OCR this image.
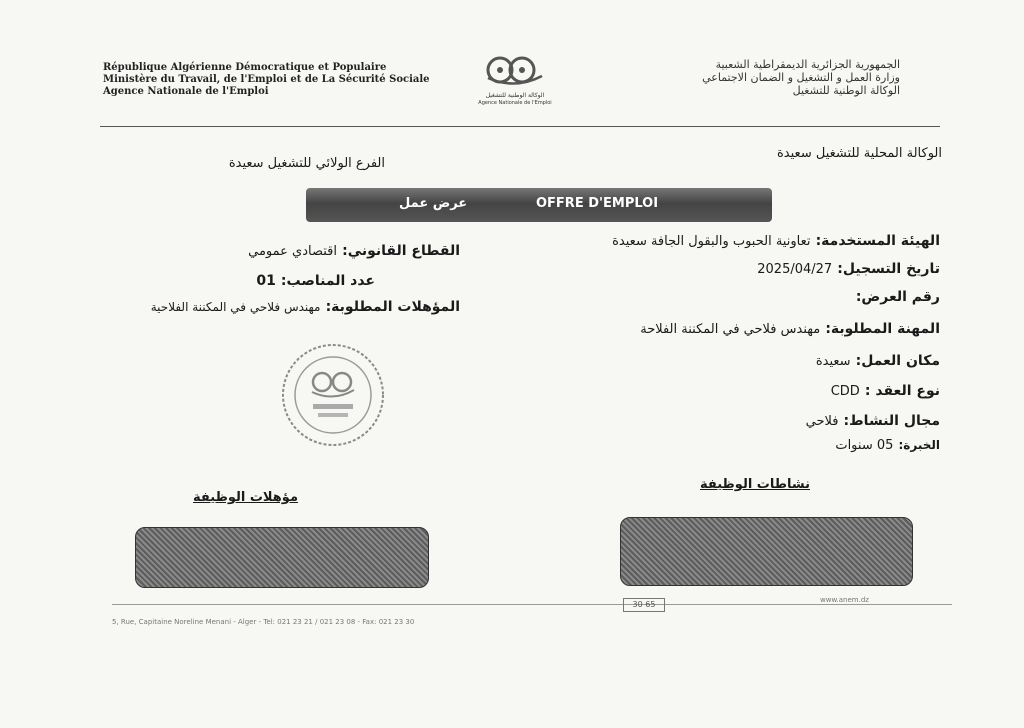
République Algérienne Démocratique et Populaire
Ministère du Travail, de l'Emploi et de La Sécurité Sociale
Agence Nationale de l'Emploi	الوكالة الوطنية للتشغيل
Agence Nationale de l'Emploi
الجمهورية الجزائرية الديمقراطية الشعبية
وزارة العمل و التشغيل و الضمان الاجتماعي
الوكالة الوطنية للتشغيل
الوكالة المحلية للتشغيل سعيدة
الفرع الولائي للتشغيل سعيدة
OFFRE D'EMPLOI
عرض عمل
الهيئة المستخدمة: تعاونية الحبوب والبقول الجافة سعيدة
تاريخ التسجيل: 2025/04/27
رقم العرض:
المهنة المطلوبة: مهندس فلاحي في المكننة الفلاحة
مكان العمل: سعيدة
نوع العقد : CDD
مجال النشاط: فلاحي
الخبرة: 05 سنوات
القطاع القانوني: اقتصادي عمومي
عدد المناصب: 01
المؤهلات المطلوبة: مهندس فلاحي في المكننة الفلاحية
نشاطات الوظيفة
مؤهلات الوظيفة
30 65	www.anem.dz
5, Rue, Capitaine Noreline Menani - Alger - Tel: 021 23 21 / 021 23 08 - Fax: 021 23 30
